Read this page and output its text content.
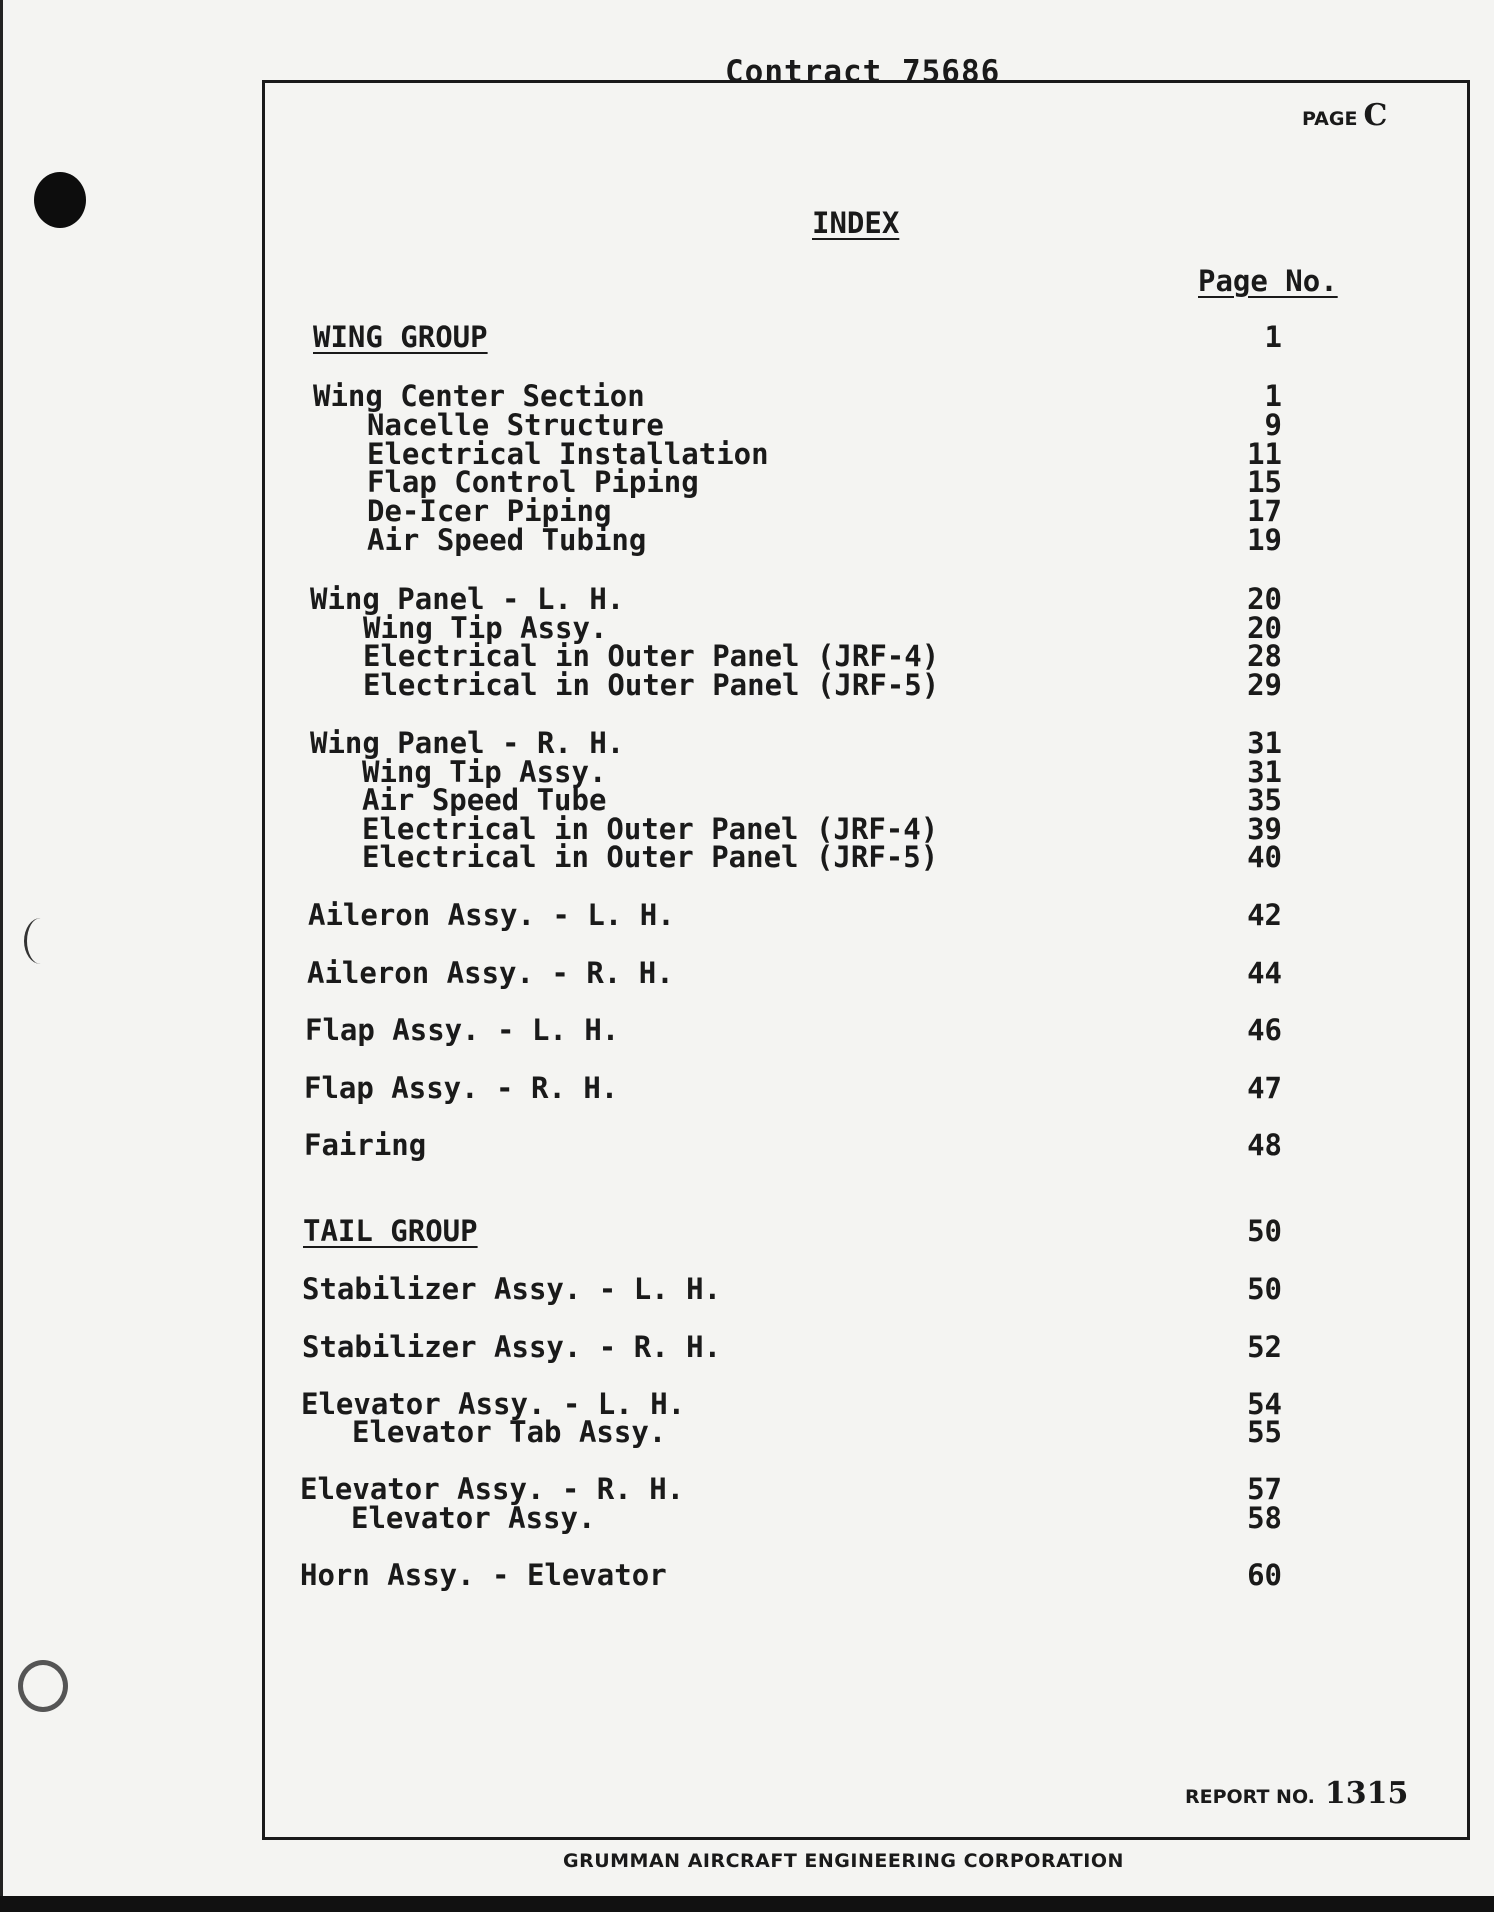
Contract 75686
PAGE C
INDEX
Page No.
WING GROUP	1
Wing Center Section	1
Nacelle Structure	9
Electrical Installation	11
Flap Control Piping	15
De-Icer Piping	17
Air Speed Tubing	19
Wing Panel - L. H.	20
Wing Tip Assy.	20
Electrical in Outer Panel (JRF-4)	28
Electrical in Outer Panel (JRF-5)	29
Wing Panel - R. H.	31
Wing Tip Assy.	31
Air Speed Tube	35
Electrical in Outer Panel (JRF-4)	39
Electrical in Outer Panel (JRF-5)	40
Aileron Assy. - L. H.	42
Aileron Assy. - R. H.	44
Flap Assy. - L. H.	46
Flap Assy. - R. H.	47
Fairing	48
TAIL GROUP	50
Stabilizer Assy. - L. H.	50
Stabilizer Assy. - R. H.	52
Elevator Assy. - L. H.	54
Elevator Tab Assy.	55
Elevator Assy. - R. H.	57
Elevator Assy.	58
Horn Assy. - Elevator	60
REPORT NO. 1315
GRUMMAN AIRCRAFT ENGINEERING CORPORATION
